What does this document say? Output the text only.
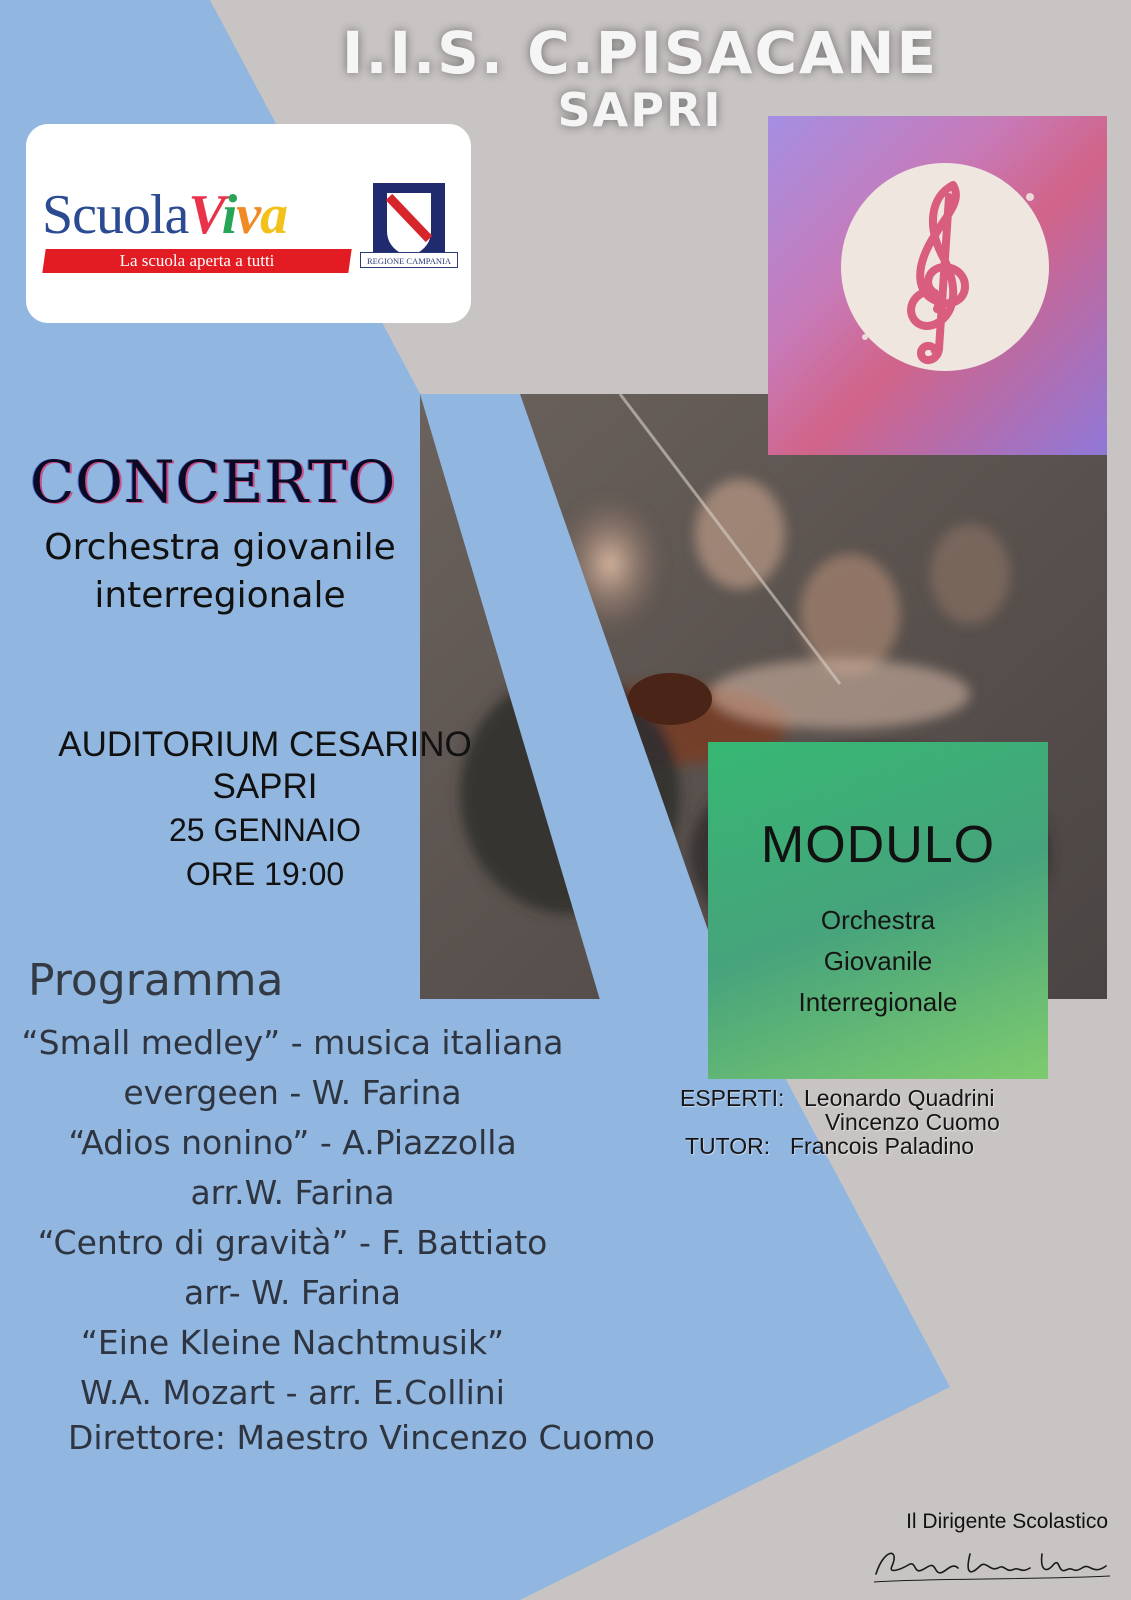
I.I.S. C.PISACANE
SAPRI
ScuolaViva
La scuola aperta a tutti	REGIONE CAMPANIA
MODULO
Orchestra
Giovanile
Interregionale
CONCERTO
Orchestra giovanile
interregionale
AUDITORIUM CESARINO
SAPRI
25 GENNAIO
ORE 19:00
Programma
“Small medley” - musica italiana
evergeen - W. Farina
“Adios nonino” - A.Piazzolla
arr.W. Farina
“Centro di gravità” - F. Battiato
arr- W. Farina
“Eine Kleine Nachtmusik”
W.A. Mozart - arr. E.Collini
Direttore: Maestro Vincenzo Cuomo
ESPERTI: Leonardo Quadrini
Vincenzo Cuomo
TUTOR: Francois Paladino
Il Dirigente Scolastico
